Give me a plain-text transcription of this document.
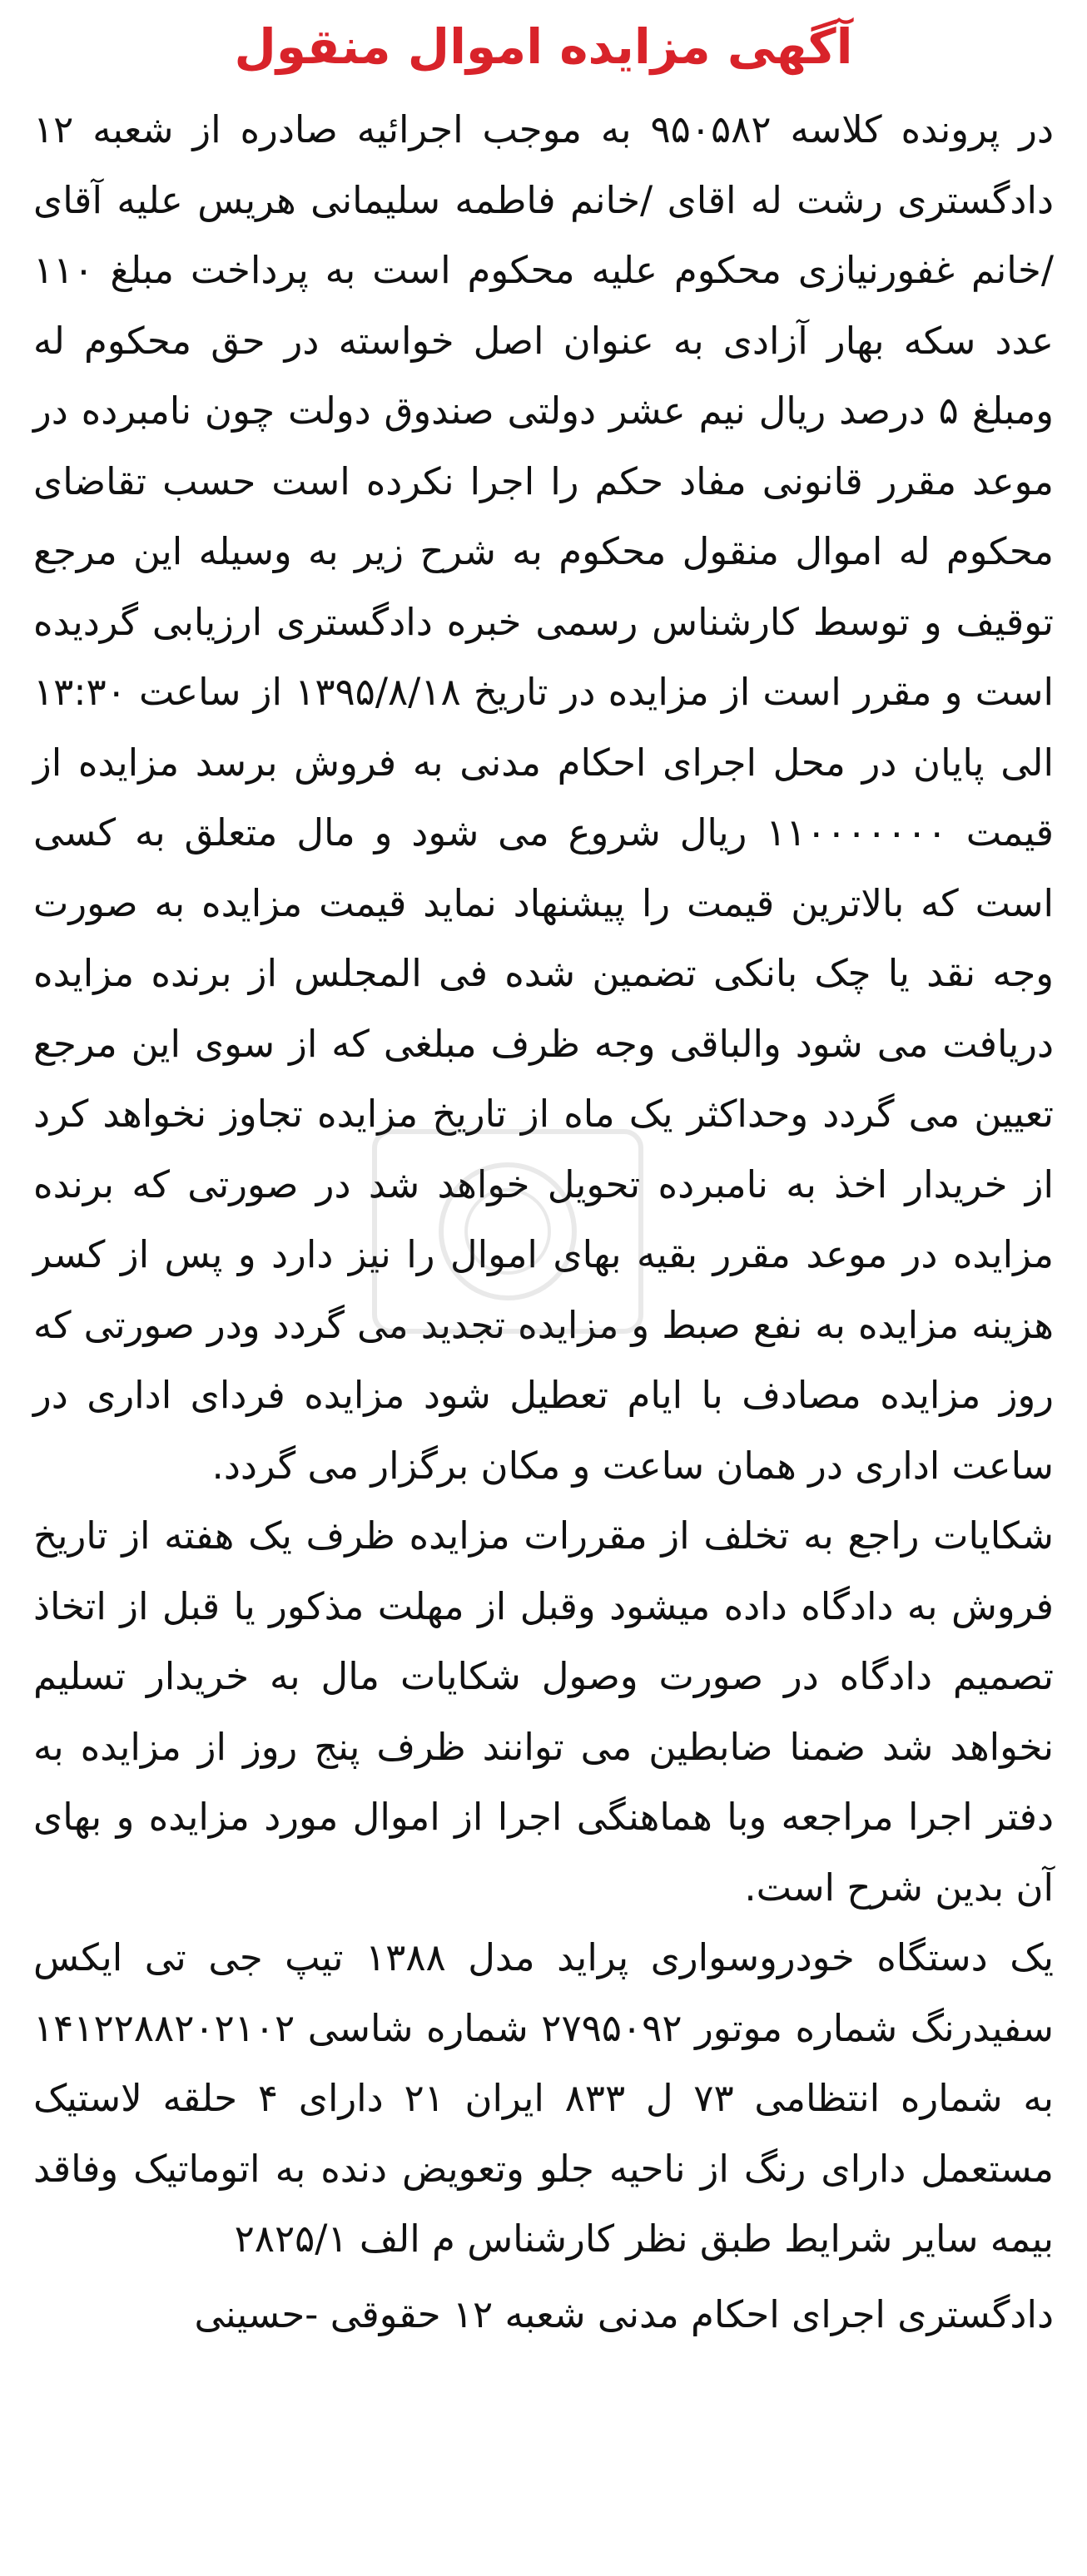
آگهی مزایده اموال منقول

در پرونده کلاسه ۹۵۰۵۸۲ به موجب اجرائیه صادره از شعبه ۱۲ دادگستری رشت له اقای /خانم فاطمه سلیمانی هریس علیه آقای /خانم غفورنیازی محکوم علیه محکوم است به پرداخت مبلغ ۱۱۰ عدد سکه بهار آزادی به عنوان اصل خواسته در حق محکوم له ومبلغ ۵ درصد ریال نیم عشر دولتی صندوق دولت چون نامبرده در موعد مقرر قانونی مفاد حکم را اجرا نکرده است حسب تقاضای محکوم له اموال منقول محکوم به شرح زیر به وسیله این مرجع توقیف و توسط کارشناس رسمی خبره دادگستری ارزیابی گردیده است و مقرر است از مزایده در تاریخ ۱۳۹۵/۸/۱۸ از ساعت ۱۳:۳۰ الی پایان در محل اجرای احکام مدنی به فروش برسد مزایده از قیمت ۱۱۰۰۰۰۰۰۰ ریال شروع می شود و مال متعلق به کسی است که بالاترین قیمت را پیشنهاد نماید قیمت مزایده به صورت وجه نقد یا چک بانکی تضمین شده فی المجلس از برنده مزایده دریافت می شود والباقی وجه ظرف مبلغی که از سوی این مرجع تعیین می گردد وحداکثر یک ماه از تاریخ مزایده تجاوز نخواهد کرد از خریدار اخذ به نامبرده تحویل خواهد شد در صورتی که برنده مزایده در موعد مقرر بقیه بهای اموال را نیز دارد و پس از کسر هزینه مزایده به نفع صبط و مزایده تجدید می گردد ودر صورتی که روز مزایده مصادف با ایام تعطیل شود مزایده فردای اداری در ساعت اداری در همان ساعت و مکان برگزار می گردد.

شکایات راجع به تخلف از مقررات مزایده ظرف یک هفته از تاریخ فروش به دادگاه داده میشود وقبل از مهلت مذکور یا قبل از اتخاذ تصمیم دادگاه در صورت وصول شکایات مال به خریدار تسلیم نخواهد شد ضمنا ضابطین می توانند ظرف پنج روز از مزایده به دفتر اجرا مراجعه وبا هماهنگی اجرا از اموال مورد مزایده و بهای آن بدین شرح است.

یک دستگاه خودروسواری پراید مدل ۱۳۸۸ تیپ جی تی ایکس سفیدرنگ شماره موتور ۲۷۹۵۰۹۲ شماره شاسی ۱۴۱۲۲۸۸۲۰۲۱۰۲ به شماره انتظامی ۷۳ ل ۸۳۳ ایران ۲۱ دارای ۴ حلقه لاستیک مستعمل دارای رنگ از ناحیه جلو وتعویض دنده به اتوماتیک وفاقد بیمه سایر شرایط طبق نظر کارشناس م الف ۲۸۲۵/۱

دادگستری اجرای احکام مدنی شعبه ۱۲ حقوقی -حسینی
